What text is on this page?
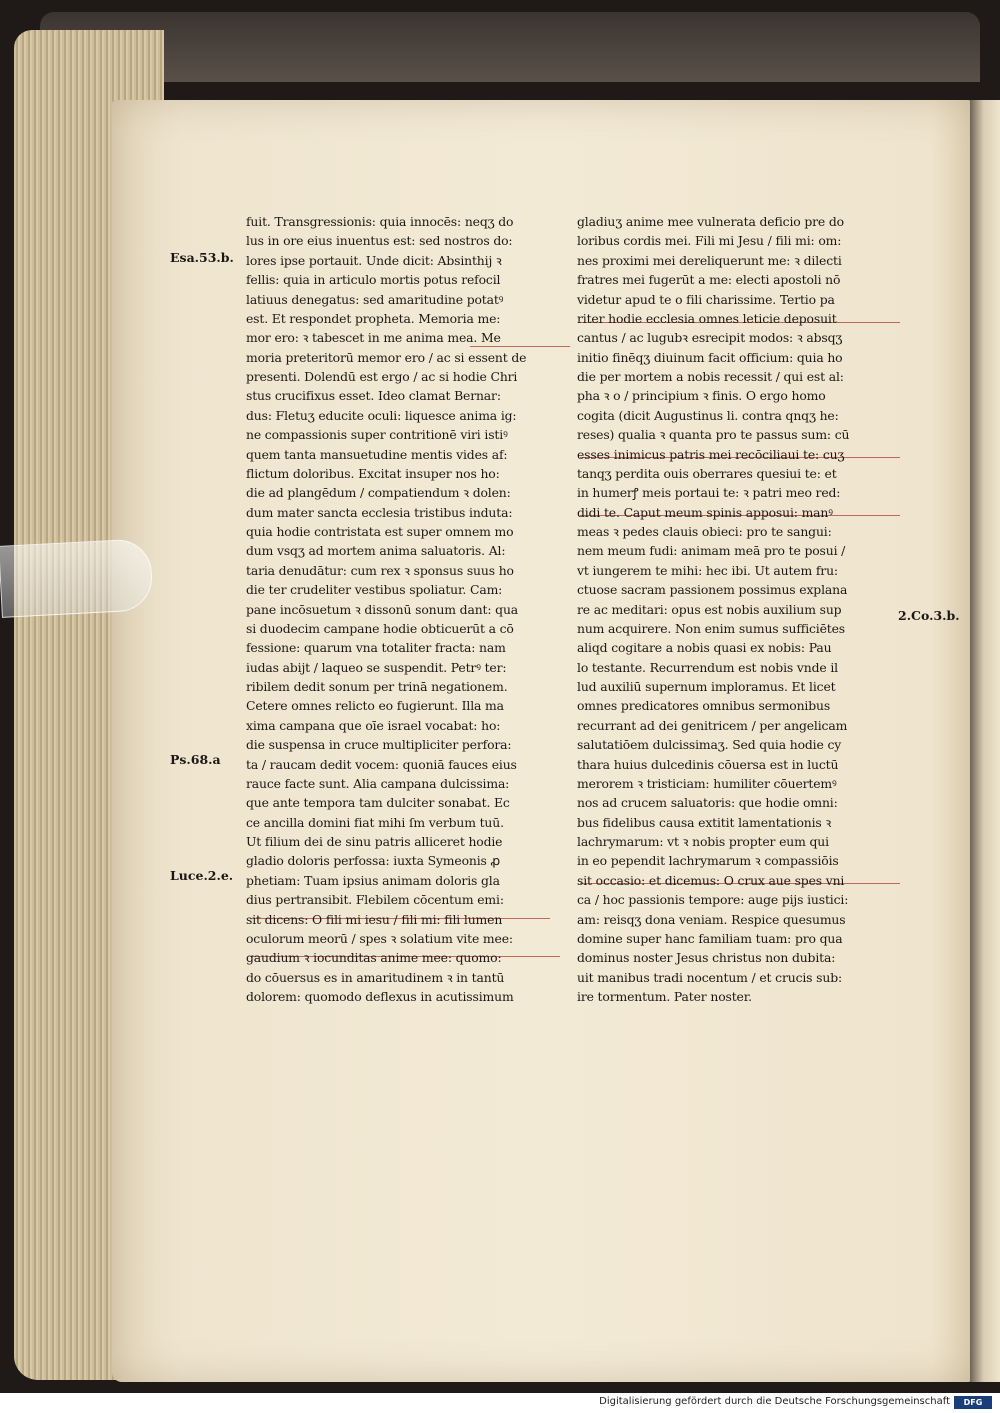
fuit. Transgressionis: quia innocēs: neqʒ do
lus in ore eius inuentus est: sed nostros do:
lores ipse portauit. Unde dicit: Absinthij ꝛ
fellis: quia in articulo mortis potus refocil
latiuus denegatus: sed amaritudine potatꝰ
est. Et respondet propheta. Memoria me:
mor ero: ꝛ tabescet in me anima mea. Me
moria preteritorū memor ero / ac si essent de
presenti. Dolendū est ergo / ac si hodie Chri
stus crucifixus esset. Ideo clamat Bernar:
dus: Fletuʒ educite oculi: liquesce anima ig:
ne compassionis super contritionē viri istiꝰ
quem tanta mansuetudine mentis vides af:
flictum doloribus. Excitat insuper nos ho:
die ad plangēdum / compatiendum ꝛ dolen:
dum mater sancta ecclesia tristibus induta:
quia hodie contristata est super omnem mo
dum vsqʒ ad mortem anima saluatoris. Al:
taria denudātur: cum rex ꝛ sponsus suus ho
die ter crudeliter vestibus spoliatur. Cam:
pane incōsuetum ꝛ dissonū sonum dant: qua
si duodecim campane hodie obticuerūt a cō
fessione: quarum vna totaliter fracta: nam
iudas abijt / laqueo se suspendit. Petrꝰ ter:
ribilem dedit sonum per trinā negationem.
Cetere omnes relicto eo fugierunt. Illa ma
xima campana que oīe israel vocabat: ho:
die suspensa in cruce multipliciter perfora:
ta / raucam dedit vocem: quoniā fauces eius
rauce facte sunt. Alia campana dulcissima:
que ante tempora tam dulciter sonabat. Ec
ce ancilla domini fiat mihi ſm verbum tuū.
Ut filium dei de sinu patris alliceret hodie
gladio doloris perfossa: iuxta Symeonis ꝓ
phetiam: Tuam ipsius animam doloris gla
dius pertransibit. Flebilem cōcentum emi:
sit dicens: O fili mi iesu / fili mi: fili lumen
oculorum meorū / spes ꝛ solatium vite mee:
gaudium ꝛ iocunditas anime mee: quomo:
do cōuersus es in amaritudinem ꝛ in tantū
dolorem: quomodo deflexus in acutissimum
gladiuʒ anime mee vulnerata deficio pre do
loribus cordis mei. Fili mi Jesu / fili mi: om:
nes proximi mei dereliquerunt me: ꝛ dilecti
fratres mei fugerūt a me: electi apostoli nō
videtur apud te o fili charissime. Tertio pa
riter hodie ecclesia omnes leticie deposuit
cantus / ac lugubꝛ esrecipit modos: ꝛ absqʒ
initio finēqʒ diuinum facit officium: quia ho
die per mortem a nobis recessit / qui est al:
pha ꝛ o / principium ꝛ finis. O ergo homo
cogita (dicit Augustinus li. contra qnqʒ he:
reses) qualia ꝛ quanta pro te passus sum: cū
esses inimicus patris mei recōciliaui te: cuʒ
tanqʒ perdita ouis oberrares quesiui te: et
in humerꝭ meis portaui te: ꝛ patri meo red:
didi te. Caput meum spinis apposui: manꝰ
meas ꝛ pedes clauis obieci: pro te sangui:
nem meum fudi: animam meā pro te posui /
vt iungerem te mihi: hec ibi. Ut autem fru:
ctuose sacram passionem possimus explana
re ac meditari: opus est nobis auxilium sup
num acquirere. Non enim sumus sufficiētes
aliqd cogitare a nobis quasi ex nobis: Pau
lo testante. Recurrendum est nobis vnde il
lud auxiliū supernum imploramus. Et licet
omnes predicatores omnibus sermonibus
recurrant ad dei genitricem / per angelicam
salutatiōem dulcissimaʒ. Sed quia hodie cy
thara huius dulcedinis cōuersa est in luctū
merorem ꝛ tristiciam: humiliter cōuertemꝰ
nos ad crucem saluatoris: que hodie omni:
bus fidelibus causa extitit lamentationis ꝛ
lachrymarum: vt ꝛ nobis propter eum qui
in eo pependit lachrymarum ꝛ compassiōis
sit occasio: et dicemus: O crux aue spes vni
ca / hoc passionis tempore: auge pijs iustici:
am: reisqʒ dona veniam. Respice quesumus
domine super hanc familiam tuam: pro qua
dominus noster Jesus christus non dubita:
uit manibus tradi nocentum / et crucis sub:
ire tormentum. Pater noster.
Esa.53.b.
Ps.68.a
Luce.2.e.
2.Co.3.b.
Digitalisierung gefördert durch die Deutsche Forschungsgemeinschaft	DFG
